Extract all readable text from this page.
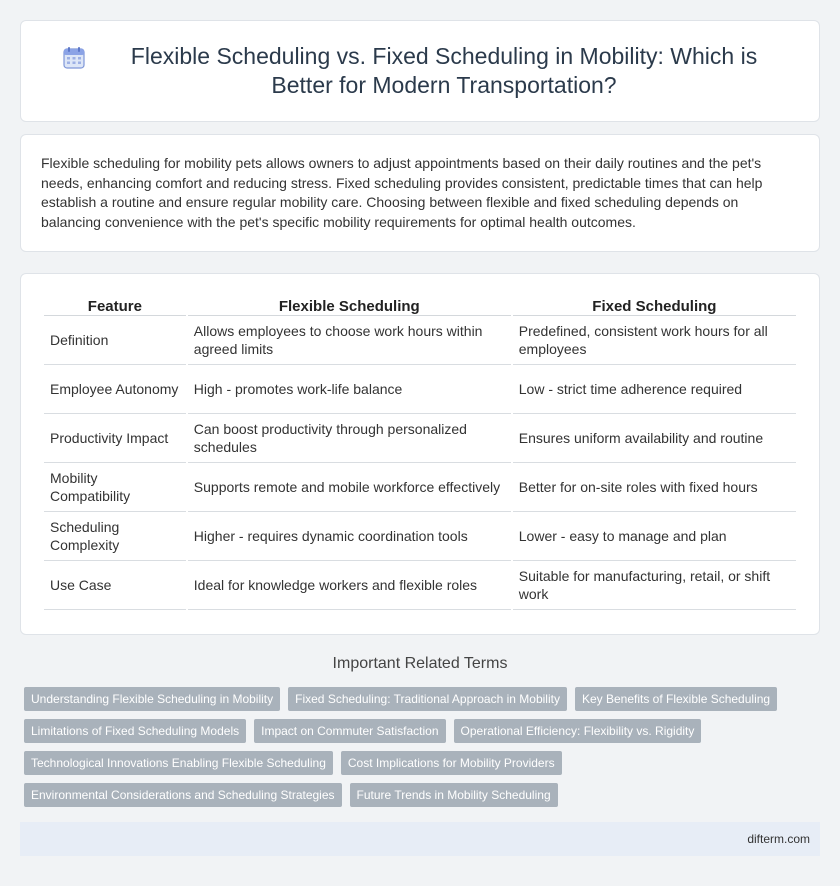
Flexible Scheduling vs. Fixed Scheduling in Mobility: Which is Better for Modern Transportation?

Flexible scheduling for mobility pets allows owners to adjust appointments based on their daily routines and the pet's needs, enhancing comfort and reducing stress. Fixed scheduling provides consistent, predictable times that can help establish a routine and ensure regular mobility care. Choosing between flexible and fixed scheduling depends on balancing convenience with the pet's specific mobility requirements for optimal health outcomes.

Feature	Flexible Scheduling	Fixed Scheduling
Definition	Allows employees to choose work hours within agreed limits	Predefined, consistent work hours for all employees
Employee Autonomy	High - promotes work-life balance	Low - strict time adherence required
Productivity Impact	Can boost productivity through personalized schedules	Ensures uniform availability and routine
Mobility Compatibility	Supports remote and mobile workforce effectively	Better for on-site roles with fixed hours
Scheduling Complexity	Higher - requires dynamic coordination tools	Lower - easy to manage and plan
Use Case	Ideal for knowledge workers and flexible roles	Suitable for manufacturing, retail, or shift work
Important Related Terms
Understanding Flexible Scheduling in Mobility	Fixed Scheduling: Traditional Approach in Mobility	Key Benefits of Flexible Scheduling
Limitations of Fixed Scheduling Models	Impact on Commuter Satisfaction	Operational Efficiency: Flexibility vs. Rigidity
Technological Innovations Enabling Flexible Scheduling	Cost Implications for Mobility Providers
Environmental Considerations and Scheduling Strategies	Future Trends in Mobility Scheduling
difterm.com
